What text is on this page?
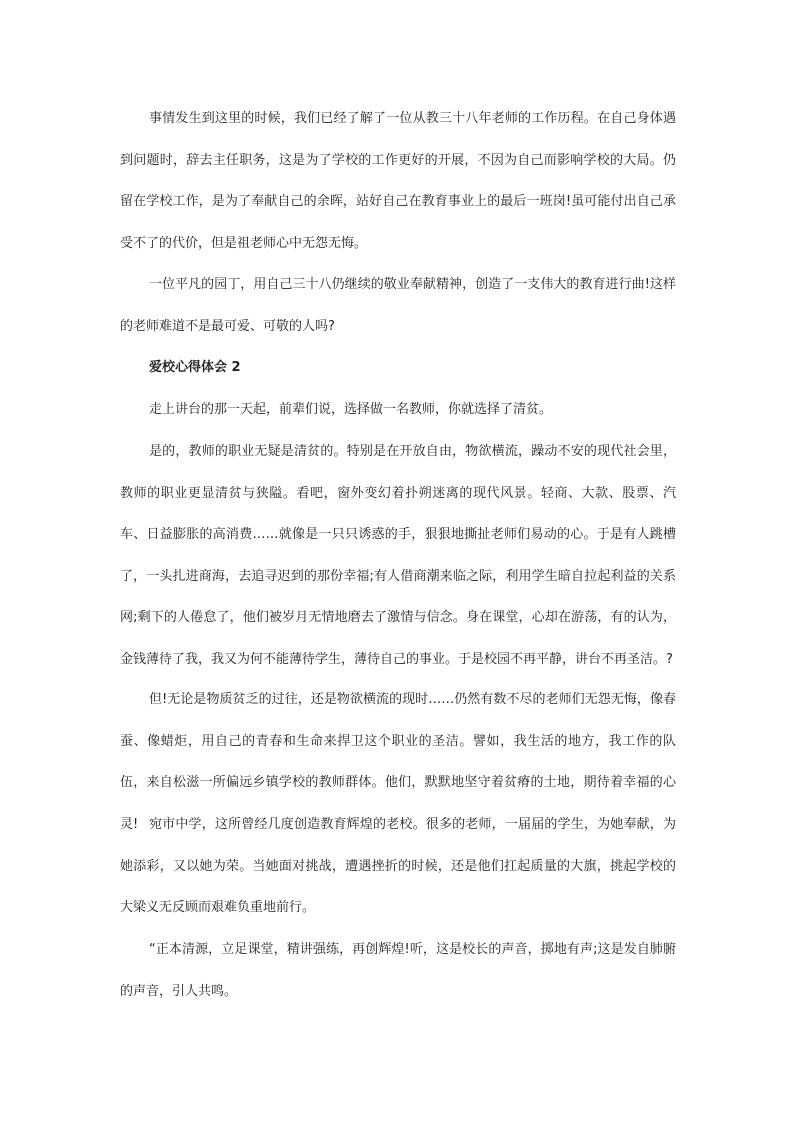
事情发生到这里的时候，我们已经了解了一位从教三十八年老师的工作历程。在自己身体遇到问题时，辞去主任职务，这是为了学校的工作更好的开展，不因为自己而影响学校的大局。仍留在学校工作，是为了奉献自己的余晖，站好自己在教育事业上的最后一班岗!虽可能付出自己承受不了的代价，但是祖老师心中无怨无悔。

一位平凡的园丁，用自己三十八仍继续的敬业奉献精神，创造了一支伟大的教育进行曲!这样的老师难道不是最可爱、可敬的人吗?

爱校心得体会 2

走上讲台的那一天起，前辈们说，选择做一名教师，你就选择了清贫。

是的，教师的职业无疑是清贫的。特别是在开放自由，物欲横流，躁动不安的现代社会里，教师的职业更显清贫与狭隘。看吧，窗外变幻着扑朔迷离的现代风景。轻商、大款、股票、汽车、日益膨胀的高消费……就像是一只只诱惑的手，狠狠地撕扯老师们易动的心。于是有人跳槽了，一头扎进商海，去追寻迟到的那份幸福;有人借商潮来临之际，利用学生暗自拉起利益的关系网;剩下的人倦怠了，他们被岁月无情地磨去了激情与信念。身在课堂，心却在游荡，有的认为，金钱薄待了我，我又为何不能薄待学生，薄待自己的事业。于是校园不再平静，讲台不再圣洁。?

但!无论是物质贫乏的过往，还是物欲横流的现时……仍然有数不尽的老师们无怨无悔，像春蚕、像蜡炬，用自己的青春和生命来捍卫这个职业的圣洁。譬如，我生活的地方，我工作的队伍，来自松滋一所偏远乡镇学校的教师群体。他们，默默地坚守着贫瘠的土地，期待着幸福的心灵! 宛市中学，这所曾经几度创造教育辉煌的老校。很多的老师，一届届的学生，为她奉献，为她添彩，又以她为荣。当她面对挑战，遭遇挫折的时候，还是他们扛起质量的大旗，挑起学校的大梁义无反顾而艰难负重地前行。

“正本清源，立足课堂，精讲强练，再创辉煌!听，这是校长的声音，掷地有声;这是发自肺腑的声音，引人共鸣。
